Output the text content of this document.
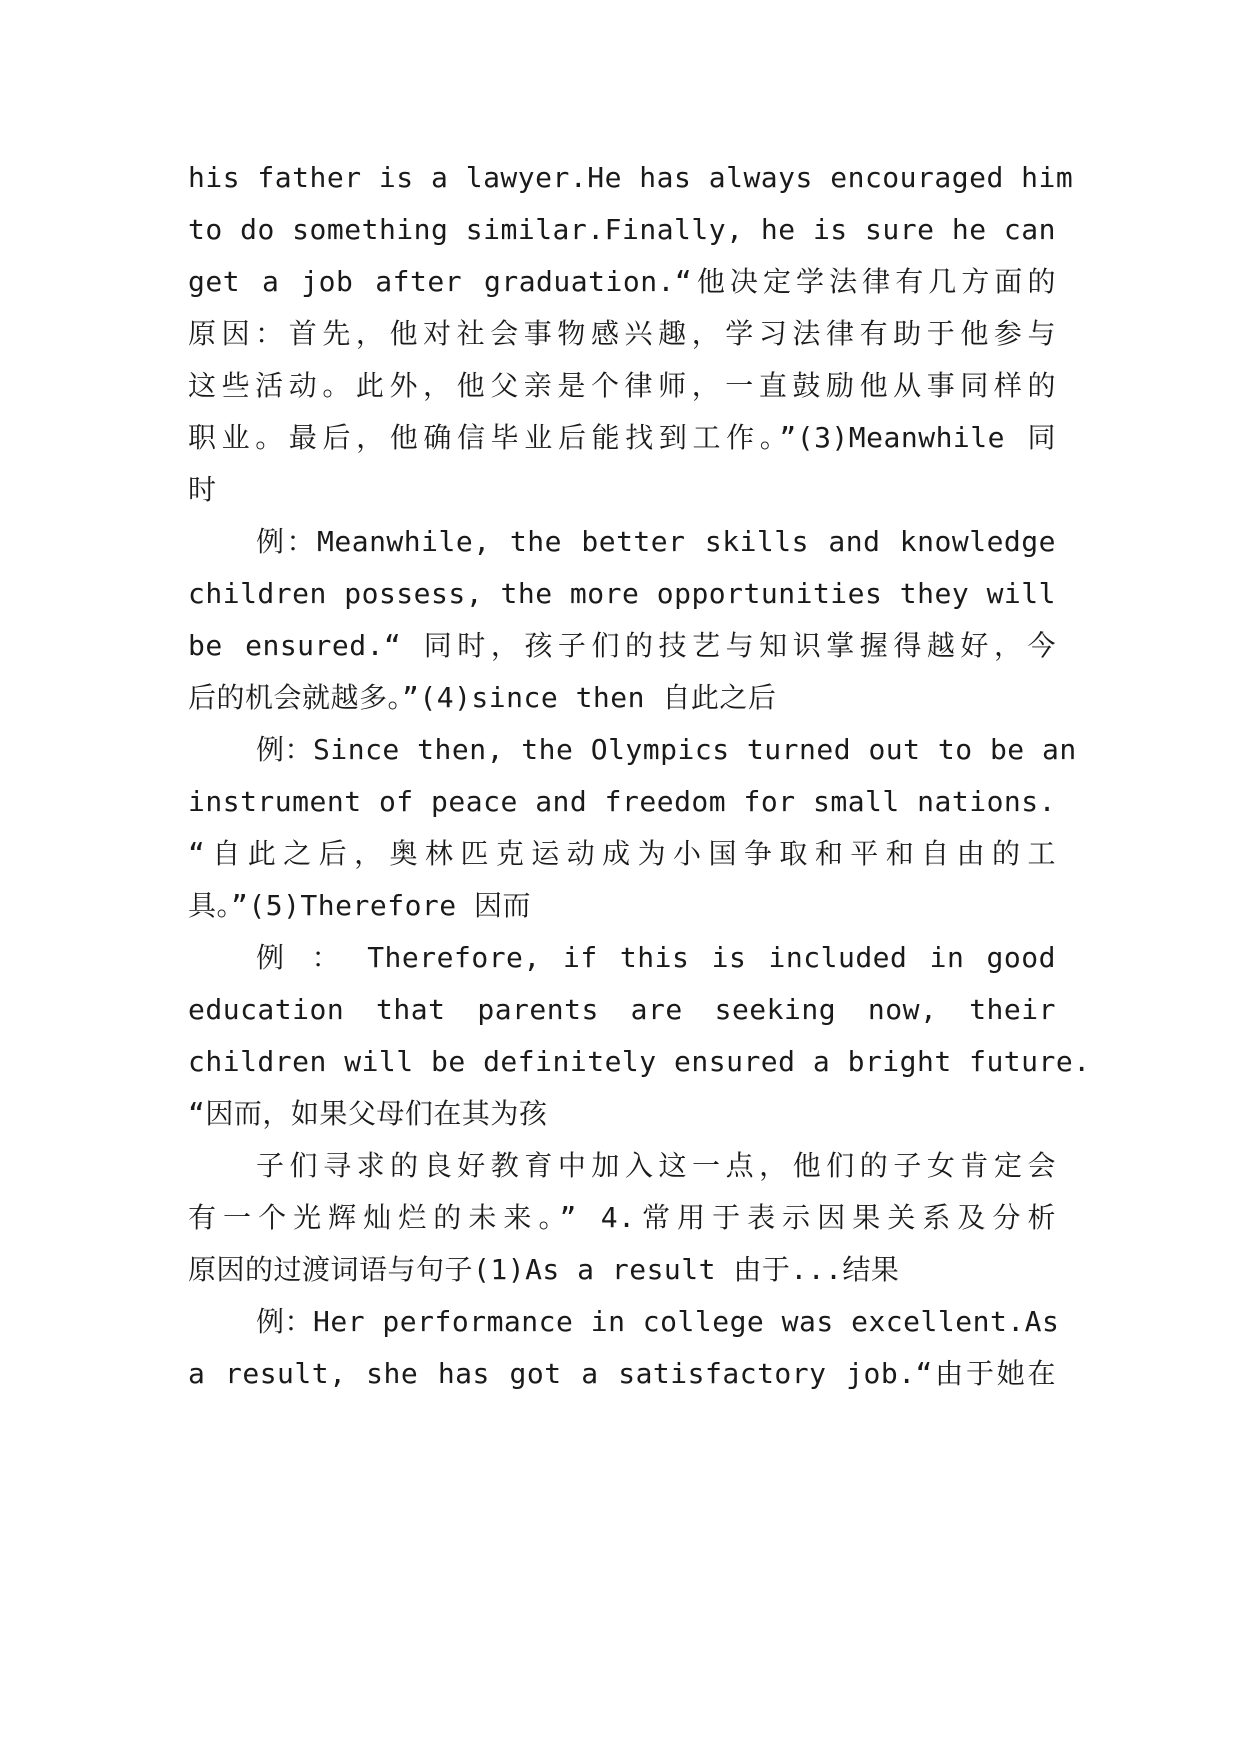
his father is a lawyer.He has always encouraged him
to do something similar.Finally, he is sure he can
get a job after graduation.“他决定学法律有几方面的
原因：首先，他对社会事物感兴趣，学习法律有助于他参与
这些活动。此外，他父亲是个律师，一直鼓励他从事同样的
职业。最后，他确信毕业后能找到工作。”(3)Meanwhile 同
时
例：Meanwhile, the better skills and knowledge
children possess, the more opportunities they will
be ensured.“ 同时，孩子们的技艺与知识掌握得越好，今
后的机会就越多。”(4)since then 自此之后
例：Since then, the Olympics turned out to be an
instrument of peace and freedom for small nations.
“自此之后，奥林匹克运动成为小国争取和平和自由的工
具。”(5)Therefore 因而
例 ： Therefore, if this is included in good
education that parents are seeking now, their
children will be definitely ensured a bright future.
“因而，如果父母们在其为孩
子们寻求的良好教育中加入这一点，他们的子女肯定会
有一个光辉灿烂的未来。” 4.常用于表示因果关系及分析
原因的过渡词语与句子(1)As a result 由于...结果
例：Her performance in college was excellent.As
a result, she has got a satisfactory job.“由于她在
